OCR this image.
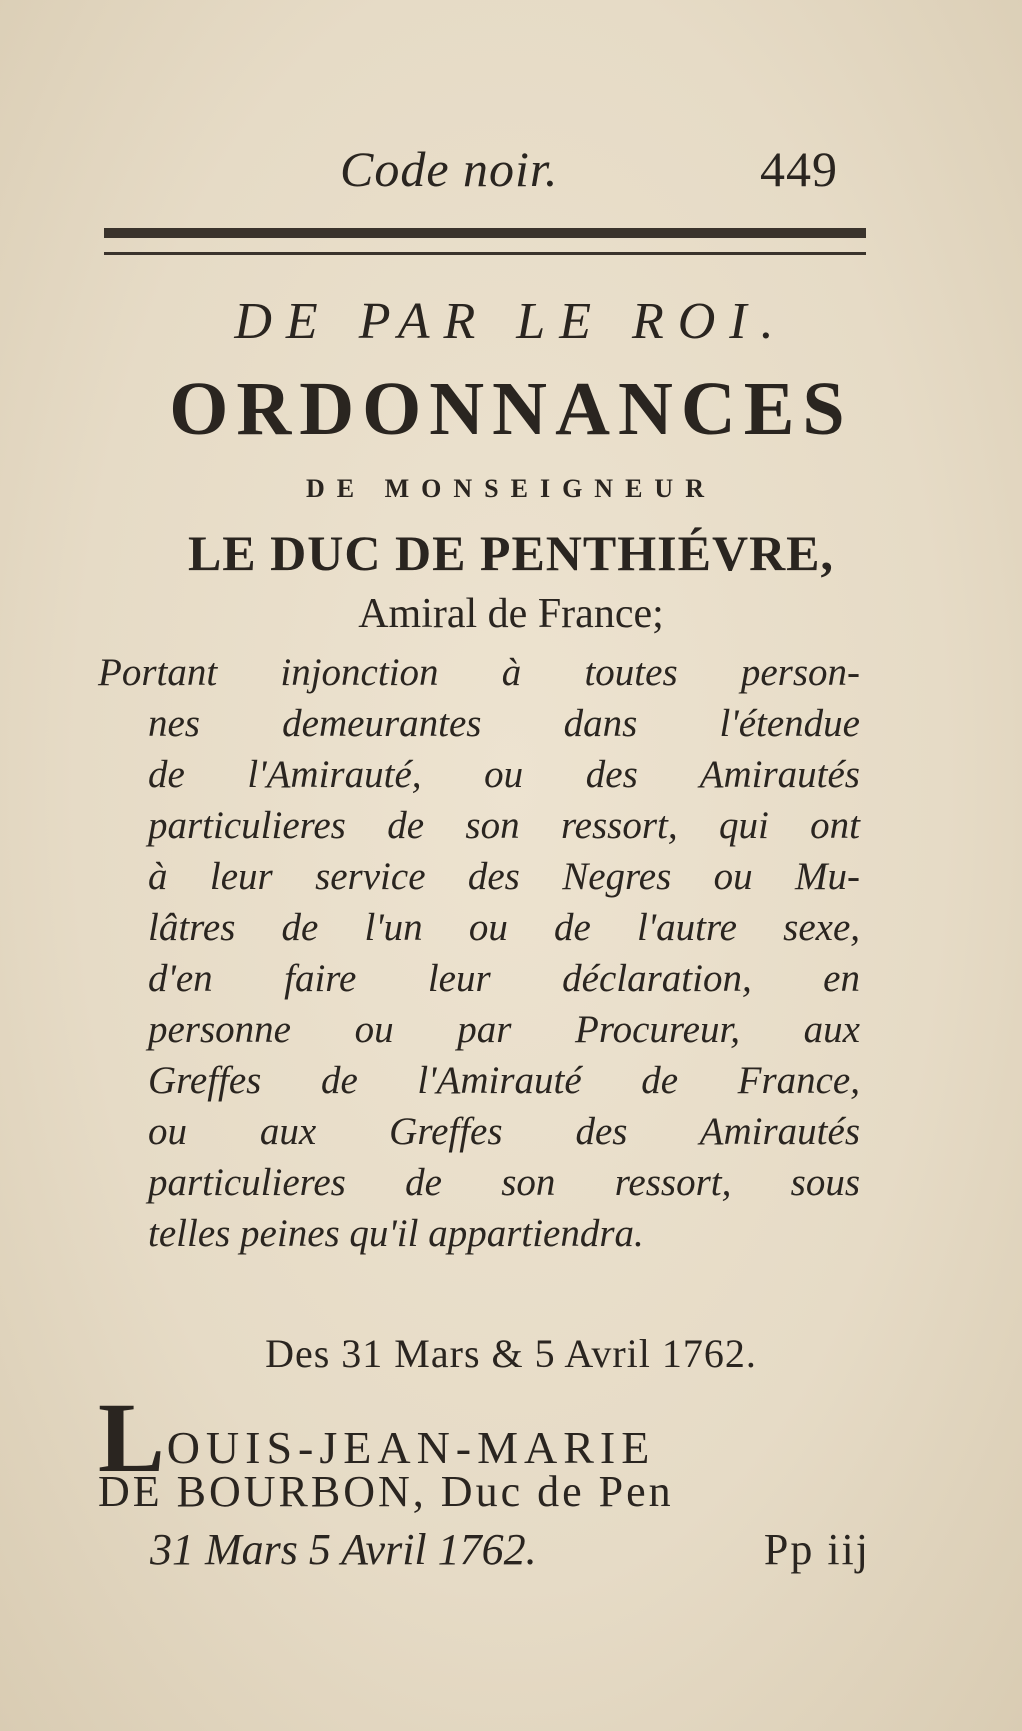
Code noir.	449
DE PAR LE ROI.
ORDONNANCES
DE MONSEIGNEUR
LE DUC DE PENTHIÉVRE,
Amiral de France;
Portant injonction à toutes person-
nes demeurantes dans l'étendue
de l'Amirauté, ou des Amirautés
particulieres de son ressort, qui ont
à leur service des Negres ou Mu-
lâtres de l'un ou de l'autre sexe,
d'en faire leur déclaration, en
personne ou par Procureur, aux
Greffes de l'Amirauté de France,
ou aux Greffes des Amirautés
particulieres de son ressort, sous
telles peines qu'il appartiendra.
Des 31 Mars & 5 Avril 1762.
LOUIS-JEAN-MARIE
DE BOURBON, Duc de Pen
31 Mars 5 Avril 1762.	Pp iij
